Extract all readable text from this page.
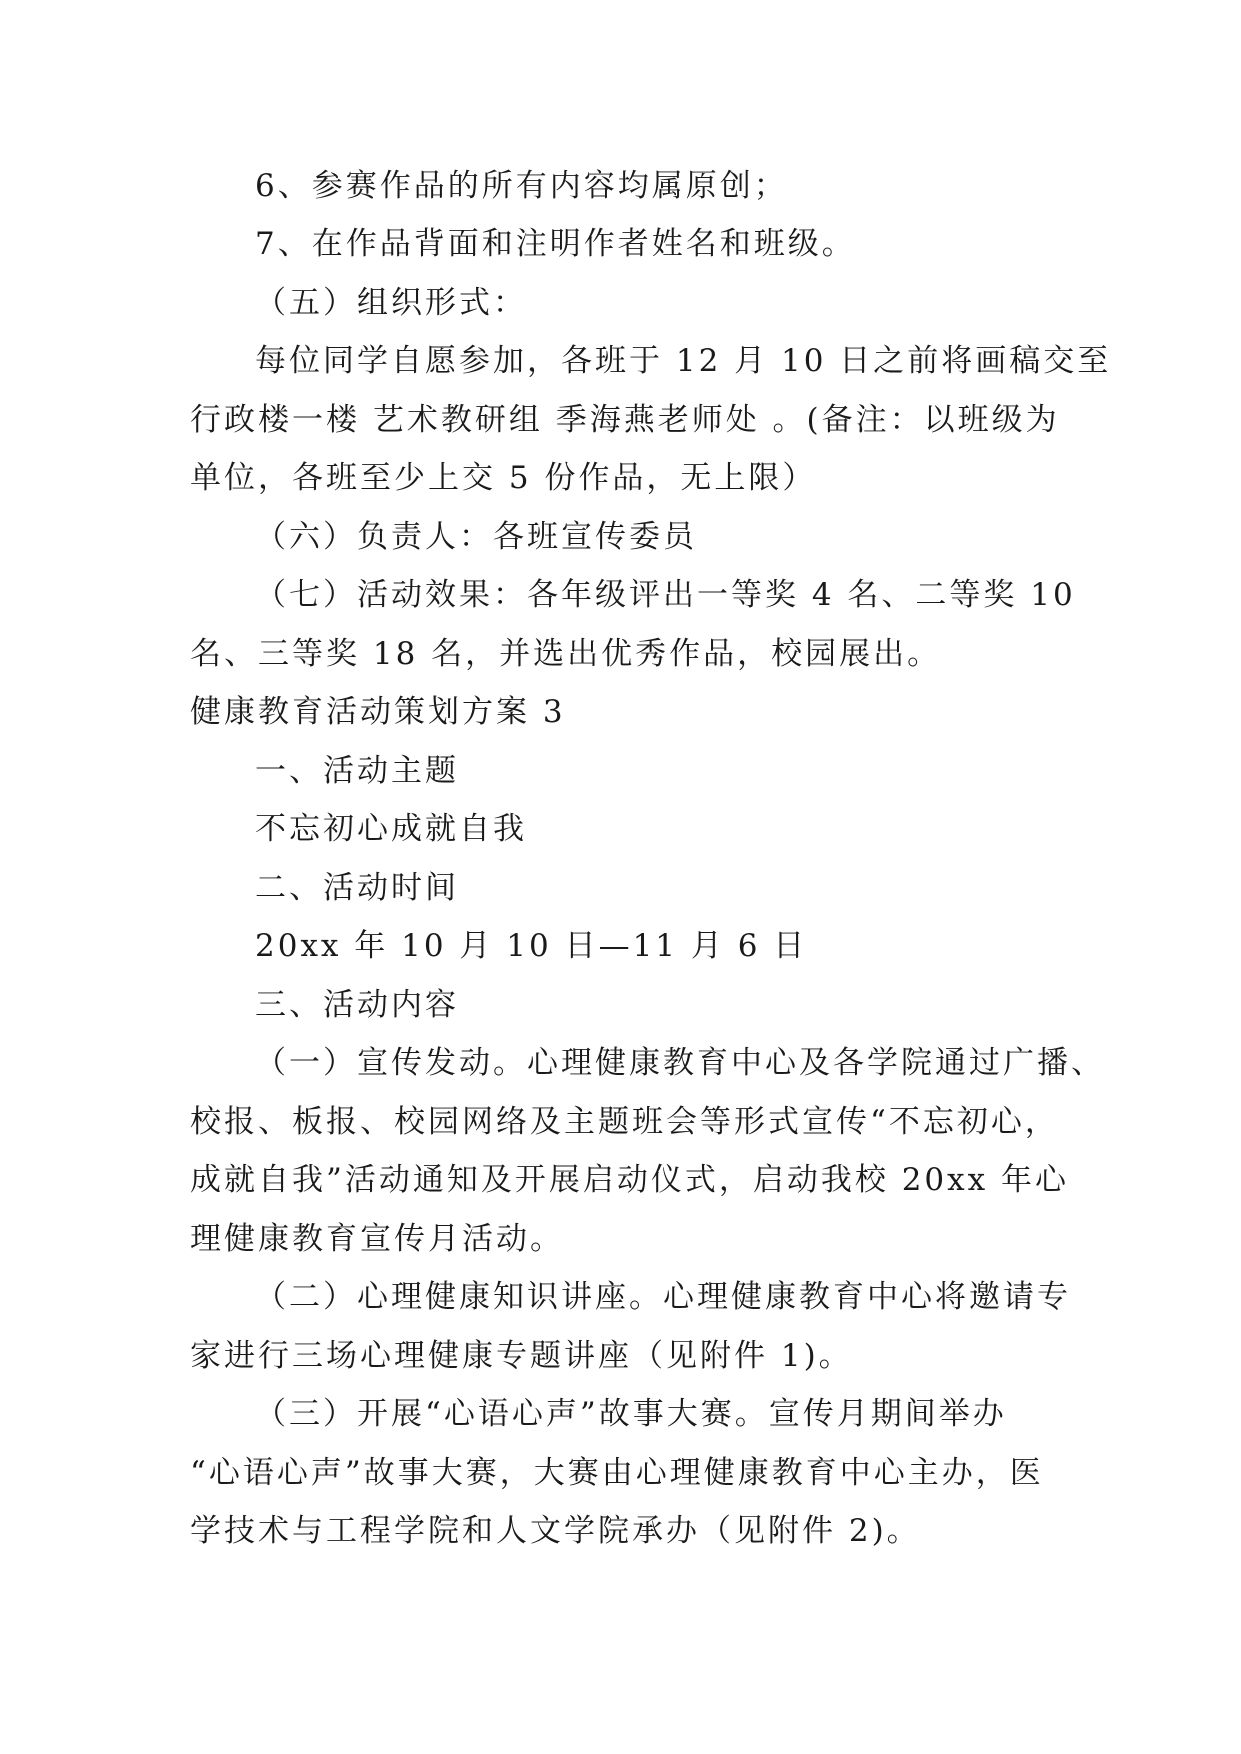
6、参赛作品的所有内容均属原创；
7、在作品背面和注明作者姓名和班级。
（五）组织形式：
每位同学自愿参加，各班于 12 月 10 日之前将画稿交至
行政楼一楼 艺术教研组 季海燕老师处 。(备注：以班级为
单位，各班至少上交 5 份作品，无上限）
（六）负责人：各班宣传委员
（七）活动效果：各年级评出一等奖 4 名、二等奖 10
名、三等奖 18 名，并选出优秀作品，校园展出。
健康教育活动策划方案 3
一、活动主题
不忘初心成就自我
二、活动时间
20xx 年 10 月 10 日—11 月 6 日
三、活动内容
（一）宣传发动。心理健康教育中心及各学院通过广播、
校报、板报、校园网络及主题班会等形式宣传“不忘初心，
成就自我”活动通知及开展启动仪式，启动我校 20xx 年心
理健康教育宣传月活动。
（二）心理健康知识讲座。心理健康教育中心将邀请专
家进行三场心理健康专题讲座（见附件 1)。
（三）开展“心语心声”故事大赛。宣传月期间举办
“心语心声”故事大赛，大赛由心理健康教育中心主办，医
学技术与工程学院和人文学院承办（见附件 2)。
